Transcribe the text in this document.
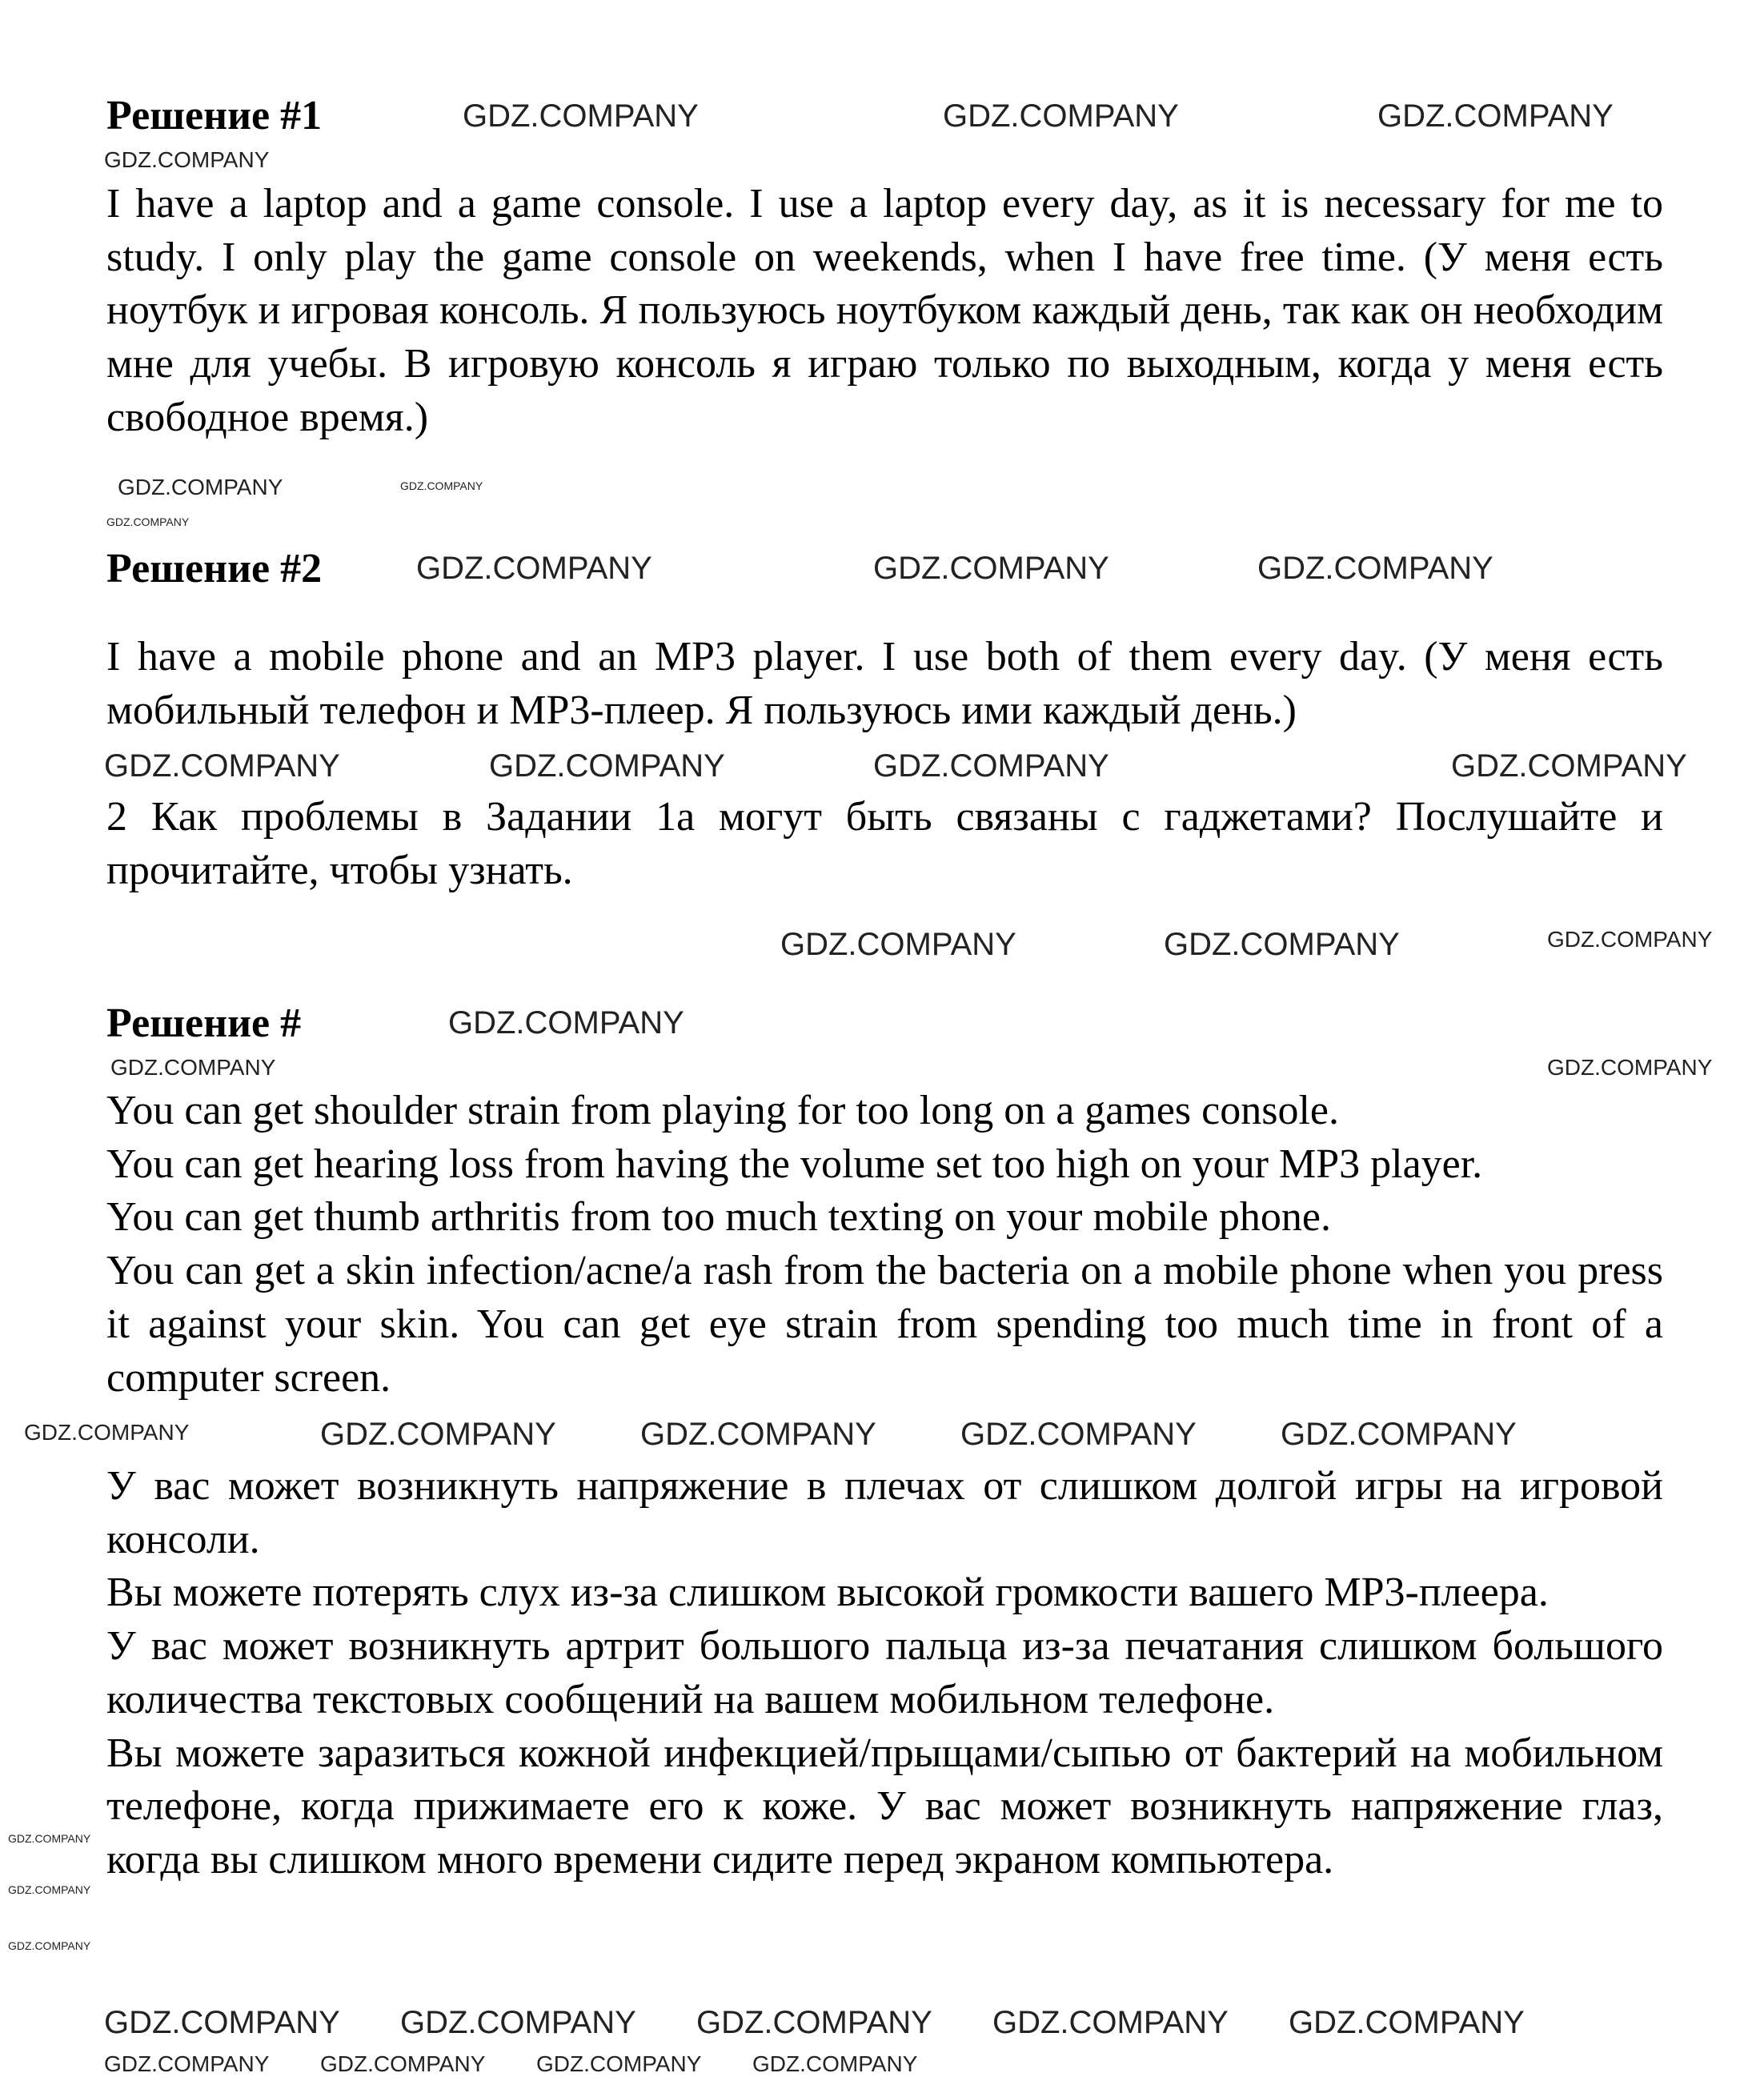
Решение #1

I have a laptop and a game console. I use a laptop every day, as it is necessary for me to study. I only play the game console on weekends, when I have free time. (У меня есть ноутбук и игровая консоль. Я пользуюсь ноутбуком каждый день, так как он необходим мне для учебы. В игровую консоль я играю только по выходным, когда у меня есть свободное время.)

Решение #2

I have a mobile phone and an MP3 player. I use both of them every day. (У меня есть мобильный телефон и MP3-плеер. Я пользуюсь ими каждый день.)

2 Как проблемы в Задании 1а могут быть связаны с гаджетами? Послушайте и прочитайте, чтобы узнать.

Решение #

You can get shoulder strain from playing for too long on a games console.

You can get hearing loss from having the volume set too high on your MP3 player.

You can get thumb arthritis from too much texting on your mobile phone.

You can get a skin infection/acne/a rash from the bacteria on a mobile phone when you press it against your skin. You can get eye strain from spending too much time in front of a computer screen.

У вас может возникнуть напряжение в плечах от слишком долгой игры на игровой консоли.

Вы можете потерять слух из-за слишком высокой громкости вашего MP3-плеера.

У вас может возникнуть артрит большого пальца из-за печатания слишком большого количества текстовых сообщений на вашем мобильном телефоне.

Вы можете заразиться кожной инфекцией/прыщами/сыпью от бактерий на мобильном телефоне, когда прижимаете его к коже. У вас может возникнуть напряжение глаз, когда вы слишком много времени сидите перед экраном компьютера.

GDZ.COMPANY
GDZ.COMPANY	GDZ.COMPANY	GDZ.COMPANY
GDZ.COMPANY	GDZ.COMPANY
GDZ.COMPANY
GDZ.COMPANY	GDZ.COMPANY	GDZ.COMPANY
GDZ.COMPANY	GDZ.COMPANY	GDZ.COMPANY	GDZ.COMPANY
GDZ.COMPANY	GDZ.COMPANY
GDZ.COMPANY
GDZ.COMPANY
GDZ.COMPANY	GDZ.COMPANY
GDZ.COMPANY	GDZ.COMPANY	GDZ.COMPANY
GDZ.COMPANY
GDZ.COMPANY
GDZ.COMPANY
GDZ.COMPANY GDZ.COMPANY
GDZ.COMPANY GDZ.COMPANY GDZ.COMPANY
GDZ.COMPANY
GDZ.COMPANY
GDZ.COMPANY
GDZ.COMPANY GDZ.COMPANY GDZ.COMPANY
